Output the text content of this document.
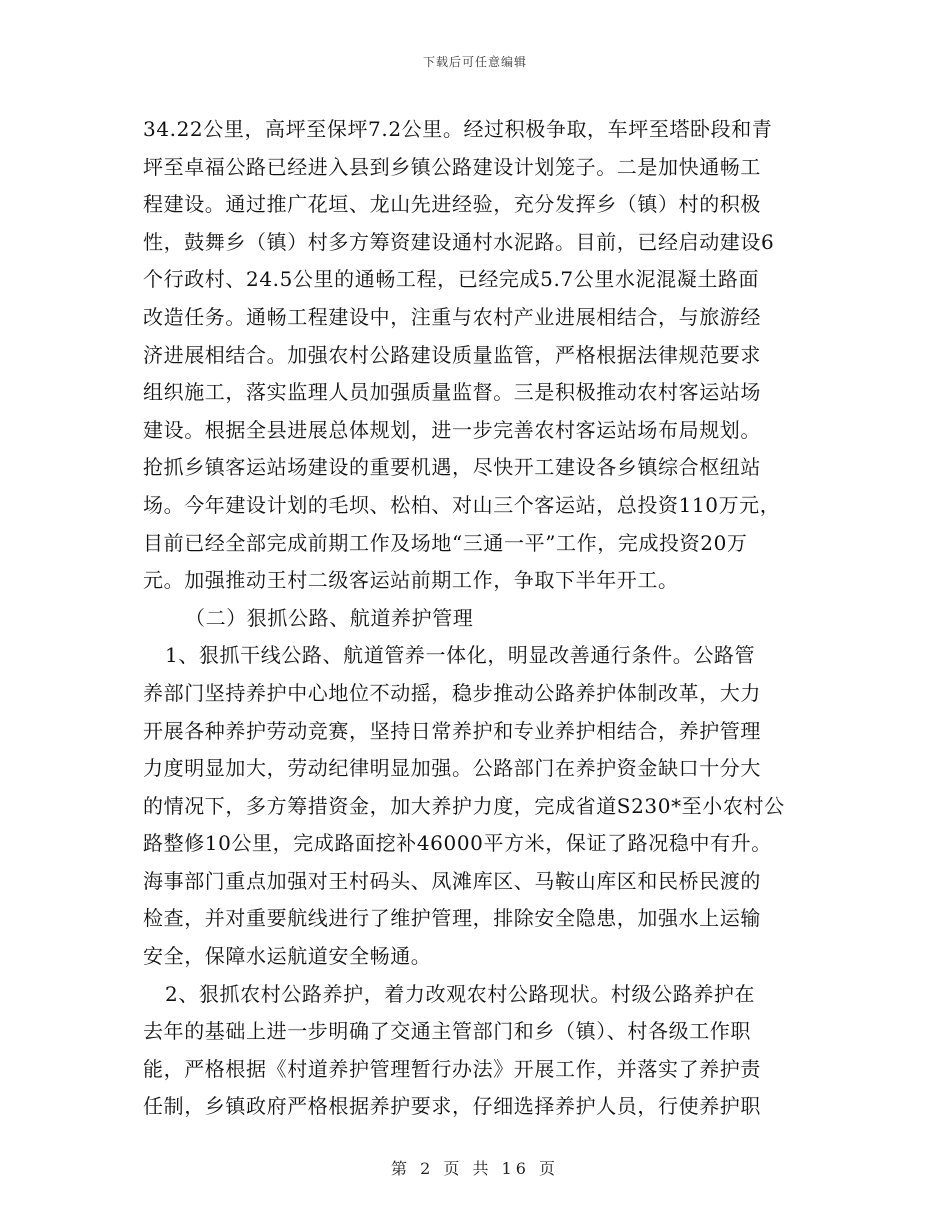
下载后可任意编辑
34.22公里，高坪至保坪7.2公里。经过积极争取，车坪至塔卧段和青
坪至卓福公路已经进入县到乡镇公路建设计划笼子。二是加快通畅工
程建设。通过推广花垣、龙山先进经验，充分发挥乡（镇）村的积极
性，鼓舞乡（镇）村多方筹资建设通村水泥路。目前，已经启动建设6
个行政村、24.5公里的通畅工程，已经完成5.7公里水泥混凝土路面
改造任务。通畅工程建设中，注重与农村产业进展相结合，与旅游经
济进展相结合。加强农村公路建设质量监管，严格根据法律规范要求
组织施工，落实监理人员加强质量监督。三是积极推动农村客运站场
建设。根据全县进展总体规划，进一步完善农村客运站场布局规划。
抢抓乡镇客运站场建设的重要机遇，尽快开工建设各乡镇综合枢纽站
场。今年建设计划的毛坝、松柏、对山三个客运站，总投资110万元，
目前已经全部完成前期工作及场地“三通一平”工作，完成投资20万
元。加强推动王村二级客运站前期工作，争取下半年开工。
（二）狠抓公路、航道养护管理
1、狠抓干线公路、航道管养一体化，明显改善通行条件。公路管
养部门坚持养护中心地位不动摇，稳步推动公路养护体制改革，大力
开展各种养护劳动竞赛，坚持日常养护和专业养护相结合，养护管理
力度明显加大，劳动纪律明显加强。公路部门在养护资金缺口十分大
的情况下，多方筹措资金，加大养护力度，完成省道S230*至小农村公
路整修10公里，完成路面挖补46000平方米，保证了路况稳中有升。
海事部门重点加强对王村码头、凤滩库区、马鞍山库区和民桥民渡的
检查，并对重要航线进行了维护管理，排除安全隐患，加强水上运输
安全，保障水运航道安全畅通。
2、狠抓农村公路养护，着力改观农村公路现状。村级公路养护在
去年的基础上进一步明确了交通主管部门和乡（镇）、村各级工作职
能，严格根据《村道养护管理暂行办法》开展工作，并落实了养护责
任制，乡镇政府严格根据养护要求，仔细选择养护人员，行使养护职
第 2 页 共 16 页
